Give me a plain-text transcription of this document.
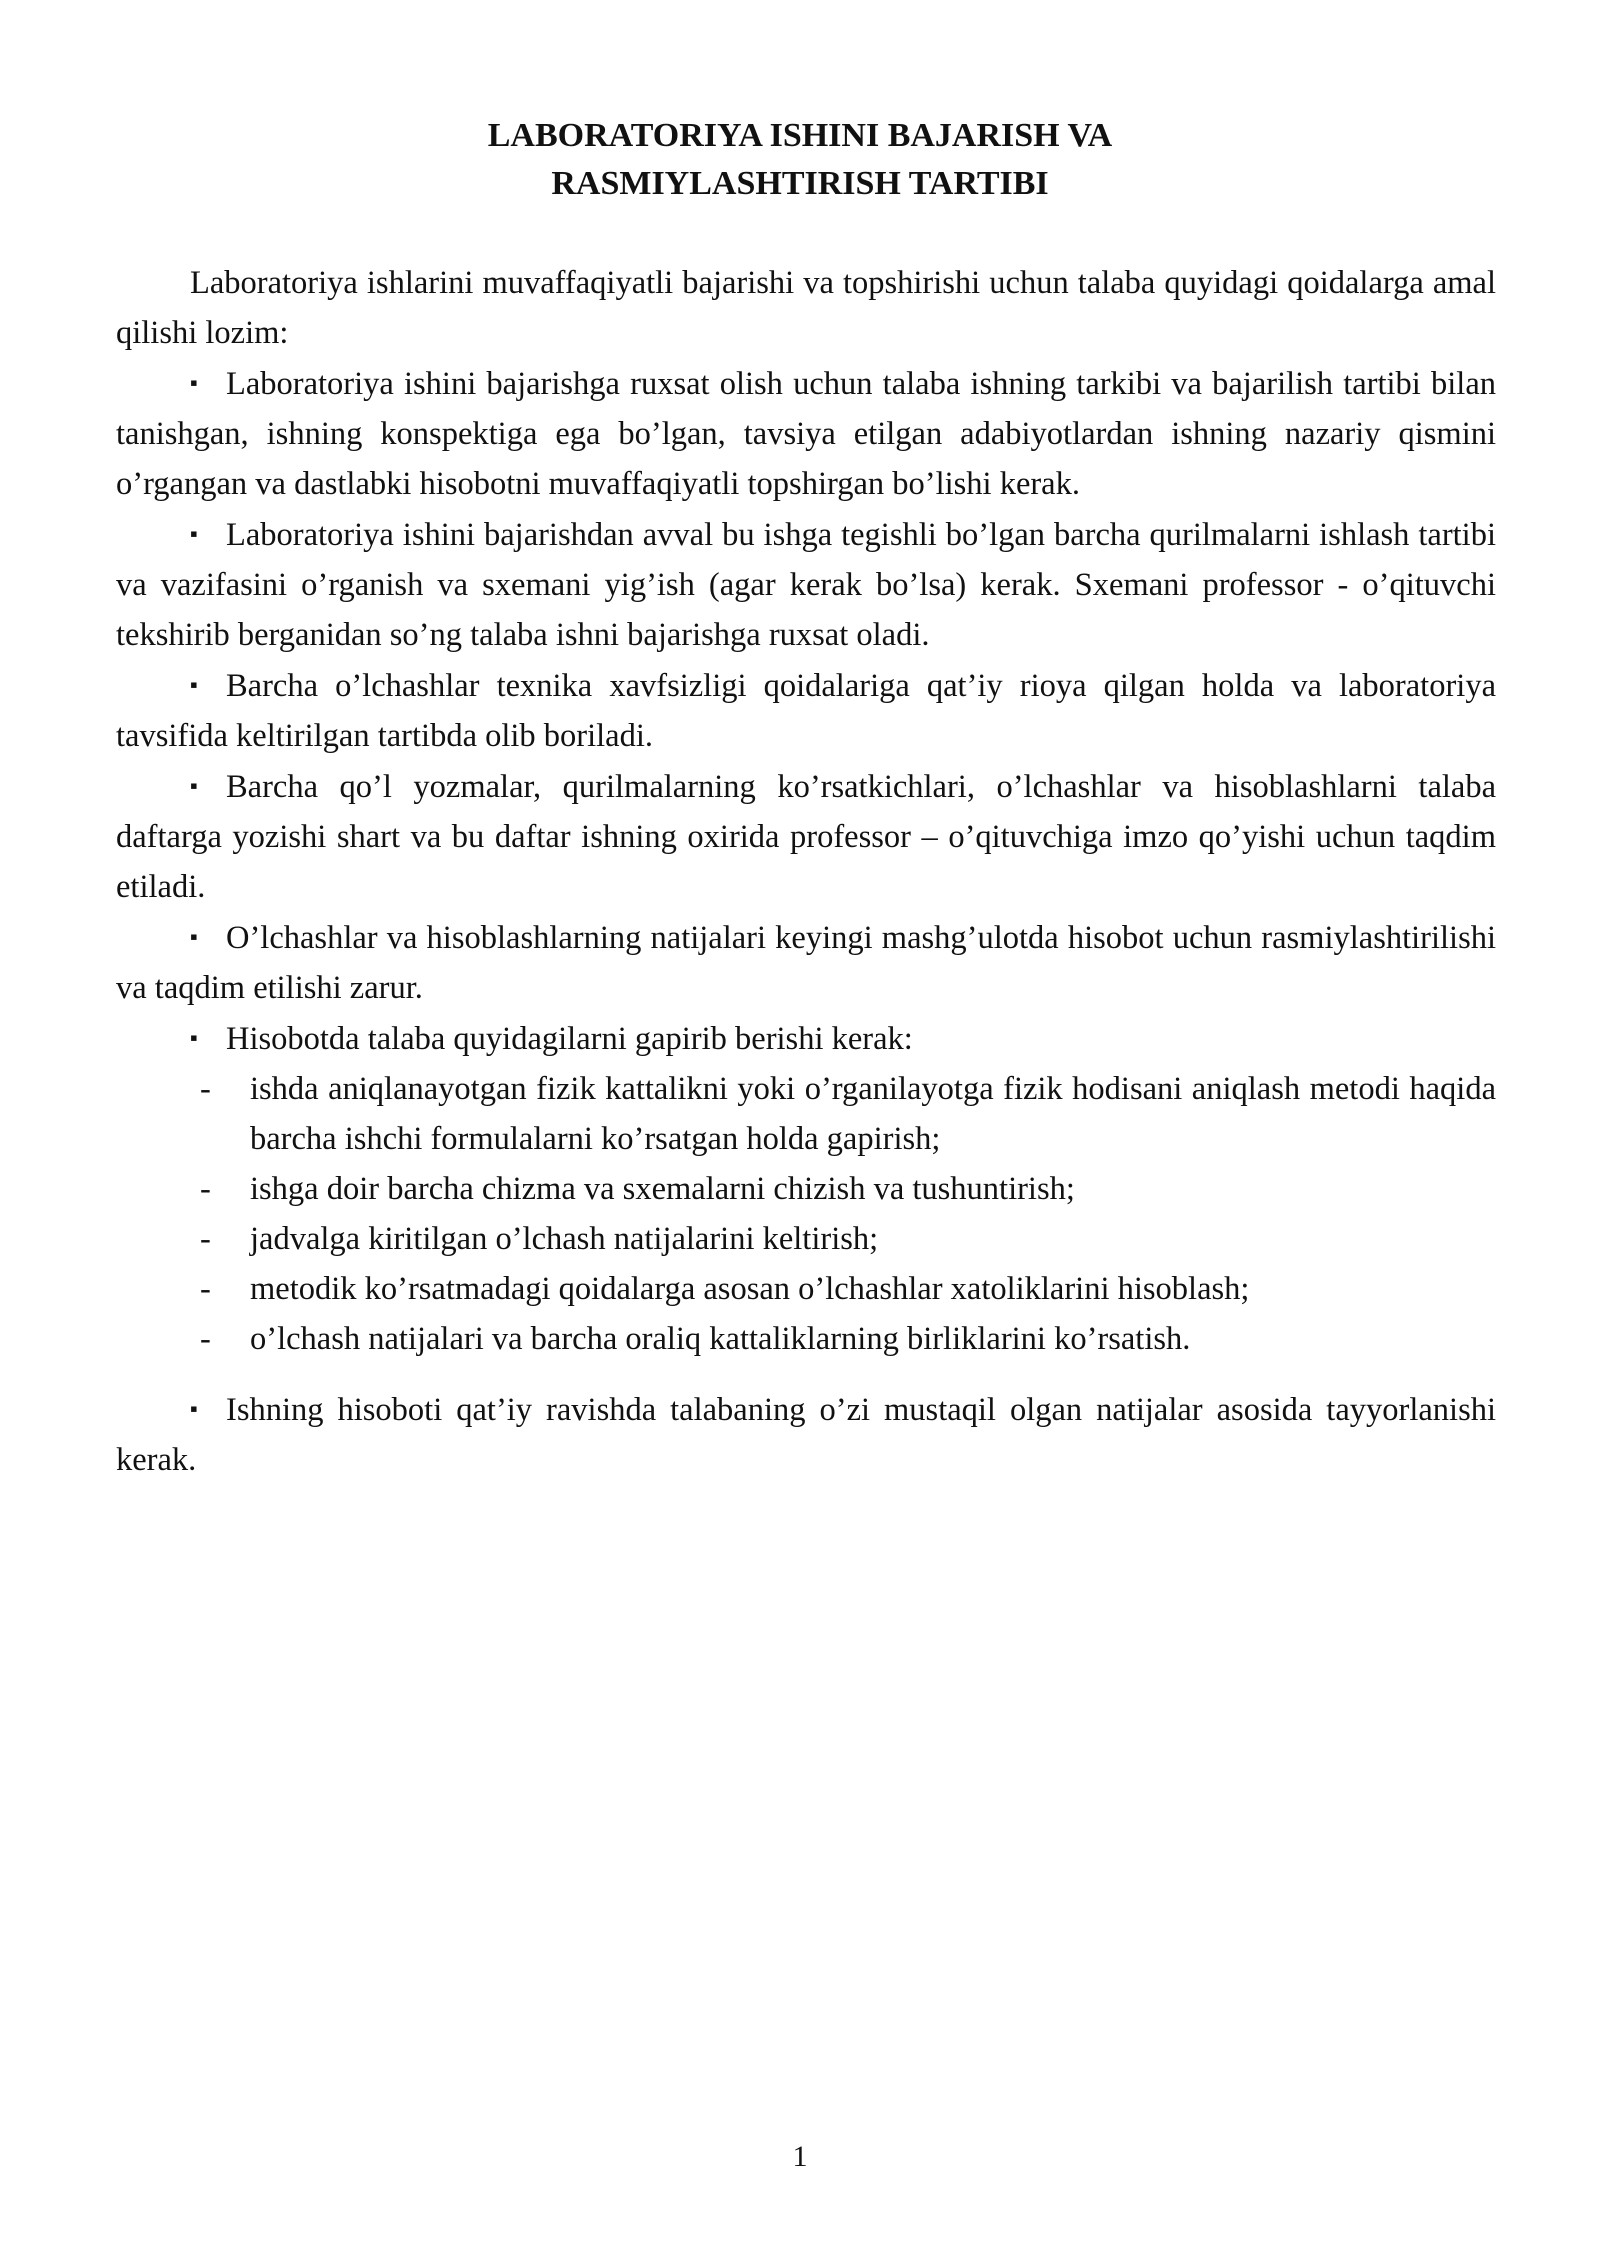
LABORATORIYA ISHINI BAJARISH VA
RASMIYLASHTIRISH TARTIBI

Laboratoriya ishlarini muvaffaqiyatli bajarishi va topshirishi uchun talaba quyidagi qoidalarga amal qilishi lozim:

▪ Laboratoriya ishini bajarishga ruxsat olish uchun talaba ishning tarkibi va bajarilish tartibi bilan tanishgan, ishning konspektiga ega bo’lgan, tavsiya etilgan adabiyotlardan ishning nazariy qismini o’rgangan va dastlabki hisobotni muvaffaqiyatli topshirgan bo’lishi kerak.

▪ Laboratoriya ishini bajarishdan avval bu ishga tegishli bo’lgan barcha qurilmalarni ishlash tartibi va vazifasini o’rganish va sxemani yig’ish (agar kerak bo’lsa) kerak. Sxemani professor - o’qituvchi tekshirib berganidan so’ng talaba ishni bajarishga ruxsat oladi.

▪ Barcha o’lchashlar texnika xavfsizligi qoidalariga qat’iy rioya qilgan holda va laboratoriya tavsifida keltirilgan tartibda olib boriladi.

▪ Barcha qo’l yozmalar, qurilmalarning ko’rsatkichlari, o’lchashlar va hisoblashlarni talaba daftarga yozishi shart va bu daftar ishning oxirida professor – o’qituvchiga imzo qo’yishi uchun taqdim etiladi.

▪ O’lchashlar va hisoblashlarning natijalari keyingi mashg’ulotda hisobot uchun rasmiylashtirilishi va taqdim etilishi zarur.

▪ Hisobotda talaba quyidagilarni gapirib berishi kerak:

- ishda aniqlanayotgan fizik kattalikni yoki o’rganilayotga fizik hodisani aniqlash metodi haqida barcha ishchi formulalarni ko’rsatgan holda gapirish;
- ishga doir barcha chizma va sxemalarni chizish va tushuntirish;
- jadvalga kiritilgan o’lchash natijalarini keltirish;
- metodik ko’rsatmadagi qoidalarga asosan o’lchashlar xatoliklarini hisoblash;
- o’lchash natijalari va barcha oraliq kattaliklarning birliklarini ko’rsatish.

▪ Ishning hisoboti qat’iy ravishda talabaning o’zi mustaqil olgan natijalar asosida tayyorlanishi kerak.

1
